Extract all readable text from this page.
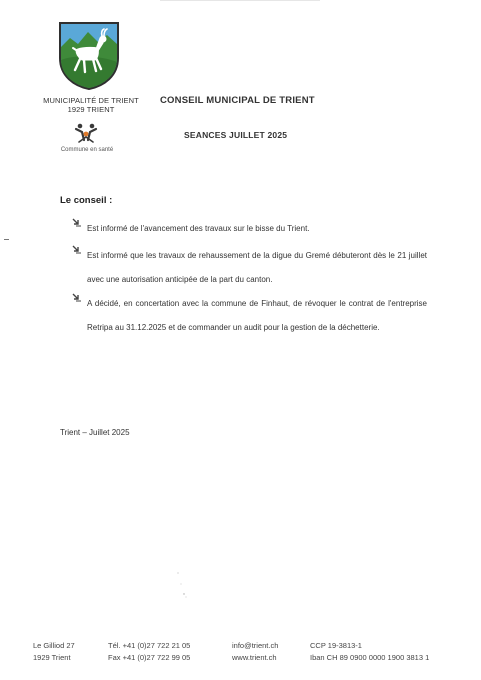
MUNICIPALITÉ DE TRIENT
1929 TRIENT
Commune en santé
CONSEIL MUNICIPAL DE TRIENT
SEANCES JUILLET 2025
Le conseil :
Est informé de l'avancement des travaux sur le bisse du Trient.
Est informé que les travaux de rehaussement de la digue du Gremé débuteront dès le 21 juillet avec une autorisation anticipée de la part du canton.
A décidé, en concertation avec la commune de Finhaut, de révoquer le contrat de l'entreprise Retripa au 31.12.2025 et de commander un audit pour la gestion de la déchetterie.
Trient – Juillet 2025
Le Gilliod 27
1929 Trient
Tél. +41 (0)27 722 21 05
Fax +41 (0)27 722 99 05
info@trient.ch
www.trient.ch
CCP 19-3813-1
Iban CH 89 0900 0000 1900 3813 1
